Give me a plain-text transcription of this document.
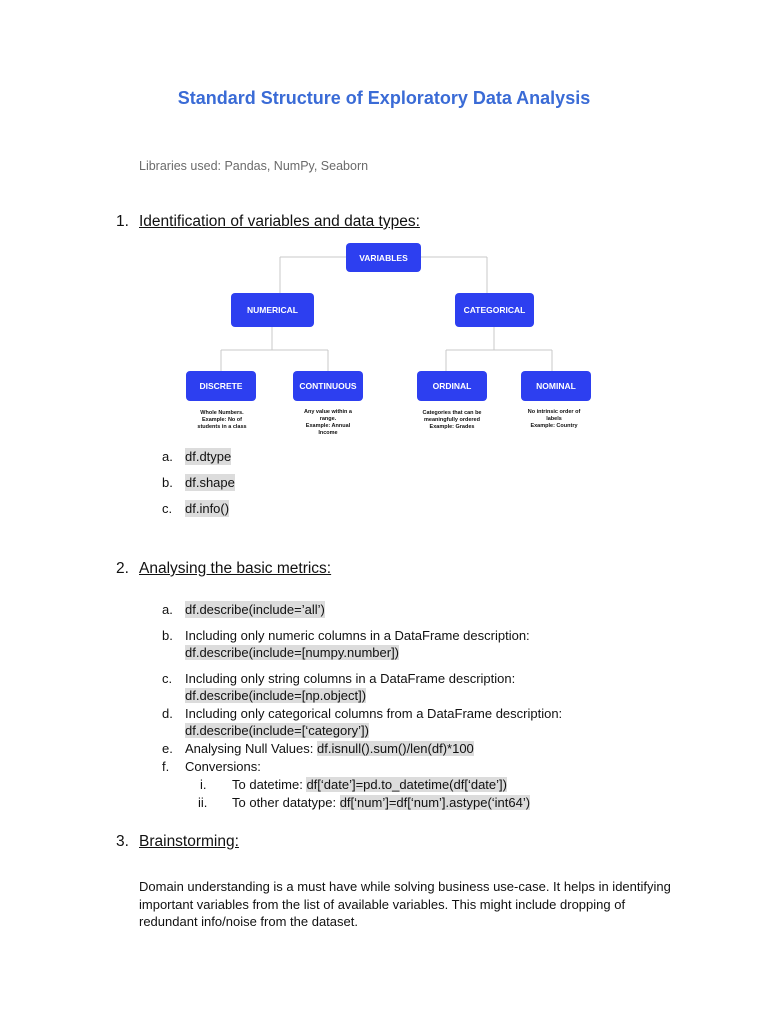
Standard Structure of Exploratory Data Analysis
Libraries used: Pandas, NumPy, Seaborn
1. Identification of variables and data types:
VARIABLES
NUMERICAL	CATEGORICAL
DISCRETE	CONTINUOUS	ORDINAL	NOMINAL
Whole Numbers.
Example: No of
students in a class
Any value within a
range.
Example: Annual
Income
Categories that can be
meaningfully ordered
Example: Grades
No intrinsic order of
labels
Example: Country
a. df.dtype
b. df.shape
c. df.info()
2. Analysing the basic metrics:
a. df.describe(include=’all’)
b. Including only numeric columns in a DataFrame description:
df.describe(include=[numpy.number])
c. Including only string columns in a DataFrame description:
df.describe(include=[np.object])
d. Including only categorical columns from a DataFrame description:
df.describe(include=[‘category’])
e. Analysing Null Values: df.isnull().sum()/len(df)*100
f. Conversions:
i. To datetime: df[‘date’]=pd.to_datetime(df[‘date’])
ii. To other datatype: df[‘num’]=df[‘num’].astype(‘int64’)
3. Brainstorming:
Domain understanding is a must have while solving business use-case. It helps in identifying important variables from the list of available variables. This might include dropping of redundant info/noise from the dataset.
